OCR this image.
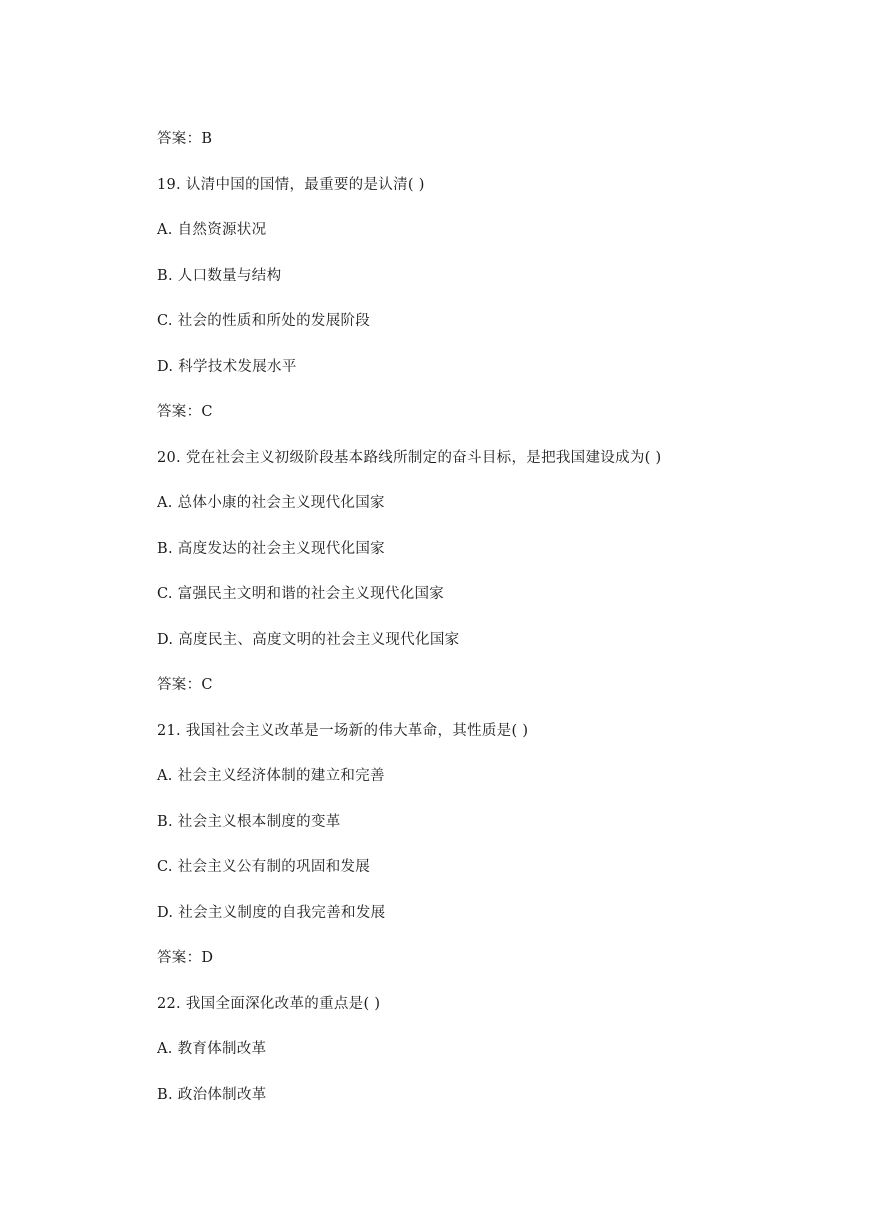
答案：B
19. 认清中国的国情，最重要的是认清( )
A. 自然资源状况
B. 人口数量与结构
C. 社会的性质和所处的发展阶段
D. 科学技术发展水平
答案：C
20. 党在社会主义初级阶段基本路线所制定的奋斗目标，是把我国建设成为( )
A. 总体小康的社会主义现代化国家
B. 高度发达的社会主义现代化国家
C. 富强民主文明和谐的社会主义现代化国家
D. 高度民主、高度文明的社会主义现代化国家
答案：C
21. 我国社会主义改革是一场新的伟大革命，其性质是( )
A. 社会主义经济体制的建立和完善
B. 社会主义根本制度的变革
C. 社会主义公有制的巩固和发展
D. 社会主义制度的自我完善和发展
答案：D
22. 我国全面深化改革的重点是( )
A. 教育体制改革
B. 政治体制改革
